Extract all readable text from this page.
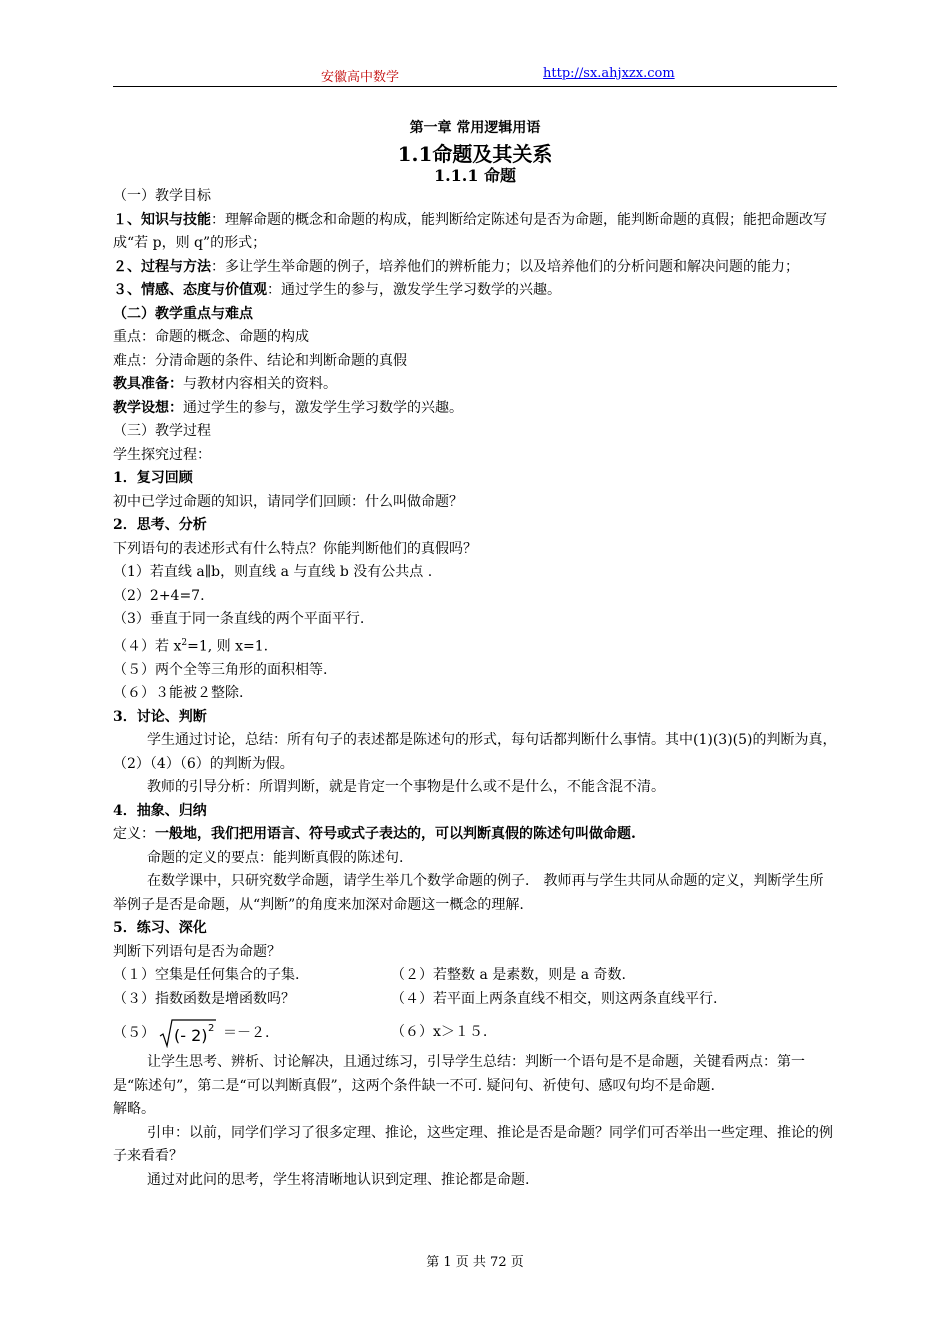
安徽高中数学	http://sx.ahjxzx.com
第一章 常用逻辑用语
1.1命题及其关系
1.1.1 命题

（一）教学目标

１、知识与技能：理解命题的概念和命题的构成，能判断给定陈述句是否为命题，能判断命题的真假；能把命题改写成“若 p，则 q”的形式；

２、过程与方法：多让学生举命题的例子，培养他们的辨析能力；以及培养他们的分析问题和解决问题的能力；

３、情感、态度与价值观：通过学生的参与，激发学生学习数学的兴趣。

（二）教学重点与难点

重点：命题的概念、命题的构成

难点：分清命题的条件、结论和判断命题的真假

教具准备：与教材内容相关的资料。

教学设想：通过学生的参与，激发学生学习数学的兴趣。

（三）教学过程

学生探究过程：

1．复习回顾

初中已学过命题的知识，请同学们回顾：什么叫做命题？

2．思考、分析

下列语句的表述形式有什么特点？你能判断他们的真假吗？

（1）若直线 a∥b，则直线 a 与直线 b 没有公共点 .

（2）2+4=7.

（3）垂直于同一条直线的两个平面平行.

（４）若 $x^2=1$, 则 x=1.

（５）两个全等三角形的面积相等.

（６）３能被２整除.

3．讨论、判断

学生通过讨论，总结：所有句子的表述都是陈述句的形式，每句话都判断什么事情。其中(1)(3)(5)的判断为真，（2）（4）（6）的判断为假。

教师的引导分析：所谓判断，就是肯定一个事物是什么或不是什么，不能含混不清。

4．抽象、归纳

定义：一般地，我们把用语言、符号或式子表达的，可以判断真假的陈述句叫做命题.

命题的定义的要点：能判断真假的陈述句.

在数学课中，只研究数学命题，请学生举几个数学命题的例子． 教师再与学生共同从命题的定义，判断学生所举例子是否是命题，从“判断”的角度来加深对命题这一概念的理解.

5．练习、深化

判断下列语句是否为命题？

（１）空集是任何集合的子集.	（２）若整数 a 是素数，则是 a 奇数.
（３）指数函数是增函数吗？	（４）若平面上两条直线不相交，则这两条直线平行.
（５） (- 2) 2 ＝－２.	（６）x＞１５.

让学生思考、辨析、讨论解决，且通过练习，引导学生总结：判断一个语句是不是命题，关键看两点：第一是“陈述句”，第二是“可以判断真假”，这两个条件缺一不可. 疑问句、祈使句、感叹句均不是命题.

解略。

引申：以前，同学们学习了很多定理、推论，这些定理、推论是否是命题？同学们可否举出一些定理、推论的例子来看看？

通过对此问的思考，学生将清晰地认识到定理、推论都是命题.

第 1 页 共 72 页
